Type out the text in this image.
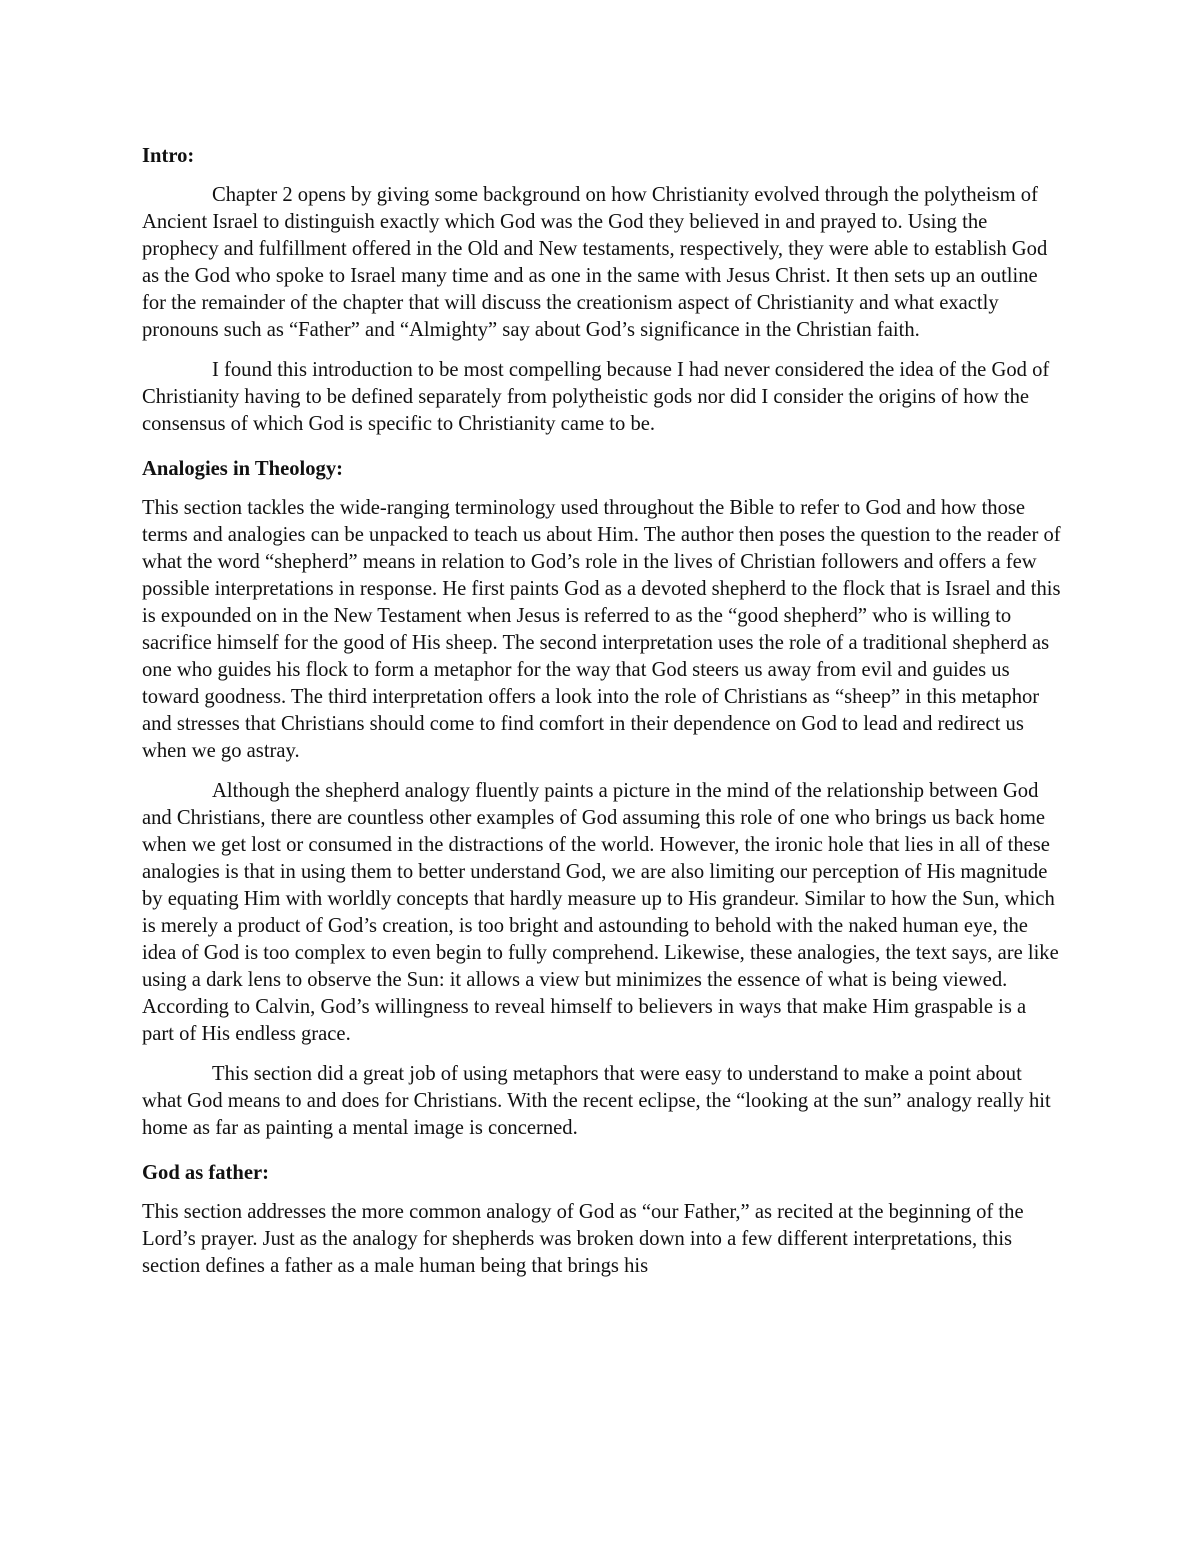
Intro:

Chapter 2 opens by giving some background on how Christianity evolved through the polytheism of Ancient Israel to distinguish exactly which God was the God they believed in and prayed to. Using the prophecy and fulfillment offered in the Old and New testaments, respectively, they were able to establish God as the God who spoke to Israel many time and as one in the same with Jesus Christ. It then sets up an outline for the remainder of the chapter that will discuss the creationism aspect of Christianity and what exactly pronouns such as “Father” and “Almighty” say about God’s significance in the Christian faith.

I found this introduction to be most compelling because I had never considered the idea of the God of Christianity having to be defined separately from polytheistic gods nor did I consider the origins of how the consensus of which God is specific to Christianity came to be.

Analogies in Theology:

This section tackles the wide-ranging terminology used throughout the Bible to refer to God and how those terms and analogies can be unpacked to teach us about Him. The author then poses the question to the reader of what the word “shepherd” means in relation to God’s role in the lives of Christian followers and offers a few possible interpretations in response. He first paints God as a devoted shepherd to the flock that is Israel and this is expounded on in the New Testament when Jesus is referred to as the “good shepherd” who is willing to sacrifice himself for the good of His sheep. The second interpretation uses the role of a traditional shepherd as one who guides his flock to form a metaphor for the way that God steers us away from evil and guides us toward goodness. The third interpretation offers a look into the role of Christians as “sheep” in this metaphor and stresses that Christians should come to find comfort in their dependence on God to lead and redirect us when we go astray.

Although the shepherd analogy fluently paints a picture in the mind of the relationship between God and Christians, there are countless other examples of God assuming this role of one who brings us back home when we get lost or consumed in the distractions of the world. However, the ironic hole that lies in all of these analogies is that in using them to better understand God, we are also limiting our perception of His magnitude by equating Him with worldly concepts that hardly measure up to His grandeur. Similar to how the Sun, which is merely a product of God’s creation, is too bright and astounding to behold with the naked human eye, the idea of God is too complex to even begin to fully comprehend. Likewise, these analogies, the text says, are like using a dark lens to observe the Sun: it allows a view but minimizes the essence of what is being viewed. According to Calvin, God’s willingness to reveal himself to believers in ways that make Him graspable is a part of His endless grace.

This section did a great job of using metaphors that were easy to understand to make a point about what God means to and does for Christians. With the recent eclipse, the “looking at the sun” analogy really hit home as far as painting a mental image is concerned.

God as father:

This section addresses the more common analogy of God as “our Father,” as recited at the beginning of the Lord’s prayer. Just as the analogy for shepherds was broken down into a few different interpretations, this section defines a father as a male human being that brings his
